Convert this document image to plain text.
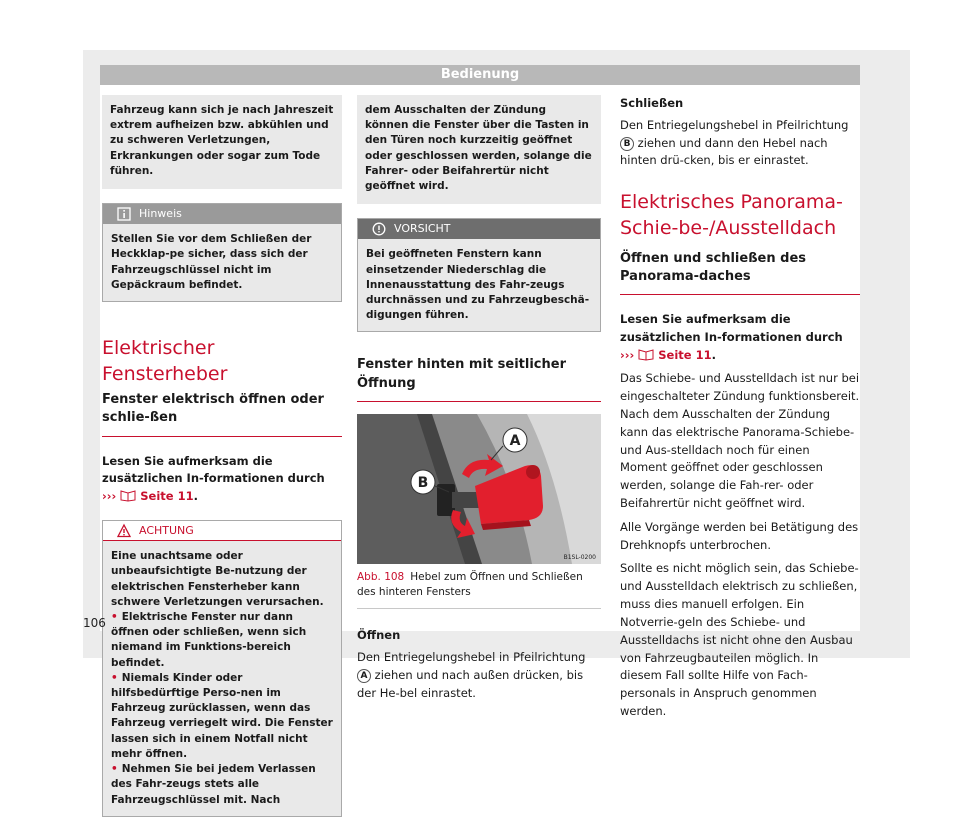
Bedienung
Fahrzeug kann sich je nach Jahreszeit extrem aufheizen bzw. abkühlen und zu schweren Verletzungen, Erkrankungen oder sogar zum Tode führen.
Hinweis
Stellen Sie vor dem Schließen der Heckklap-pe sicher, dass sich der Fahrzeugschlüssel nicht im Gepäckraum befindet.
Elektrischer Fensterheber
Fenster elektrisch öffnen oder schlie-ßen

Lesen Sie aufmerksam die zusätzlichen In-formationen durch ››› Seite 11.

ACHTUNG
Eine unachtsame oder unbeaufsichtigte Be-nutzung der elektrischen Fensterheber kann schwere Verletzungen verursachen.
• Elektrische Fenster nur dann öffnen oder schließen, wenn sich niemand im Funktions-bereich befindet.
• Niemals Kinder oder hilfsbedürftige Perso-nen im Fahrzeug zurücklassen, wenn das Fahrzeug verriegelt wird. Die Fenster lassen sich in einem Notfall nicht mehr öffnen.
• Nehmen Sie bei jedem Verlassen des Fahr-zeugs stets alle Fahrzeugschlüssel mit. Nach
dem Ausschalten der Zündung können die Fenster über die Tasten in den Türen noch kurzzeitig geöffnet oder geschlossen werden, solange die Fahrer- oder Beifahrertür nicht geöffnet wird.
VORSICHT
Bei geöffneten Fenstern kann einsetzender Niederschlag die Innenausstattung des Fahr-zeugs durchnässen und zu Fahrzeugbeschä-digungen führen.
Fenster hinten mit seitlicher Öffnung
A
B
B1SL-0200
Abb. 108 Hebel zum Öffnen und Schließen des hinteren Fensters

Öffnen

Den Entriegelungshebel in Pfeilrichtung A ziehen und nach außen drücken, bis der He-bel einrastet.

Schließen

Den Entriegelungshebel in Pfeilrichtung B ziehen und dann den Hebel nach hinten drü-cken, bis er einrastet.

Elektrisches Panorama-Schie-be-/Ausstelldach
Öffnen und schließen des Panorama-daches

Lesen Sie aufmerksam die zusätzlichen In-formationen durch ››› Seite 11.

Das Schiebe- und Ausstelldach ist nur bei eingeschalteter Zündung funktionsbereit. Nach dem Ausschalten der Zündung kann das elektrische Panorama-Schiebe- und Aus-stelldach noch für einen Moment geöffnet oder geschlossen werden, solange die Fah-rer- oder Beifahrertür nicht geöffnet wird.

Alle Vorgänge werden bei Betätigung des Drehknopfs unterbrochen.

Sollte es nicht möglich sein, das Schiebe- und Ausstelldach elektrisch zu schließen, muss dies manuell erfolgen. Ein Notverrie-geln des Schiebe- und Ausstelldachs ist nicht ohne den Ausbau von Fahrzeugbauteilen möglich. In diesem Fall sollte Hilfe von Fach-personals in Anspruch genommen werden.

106
